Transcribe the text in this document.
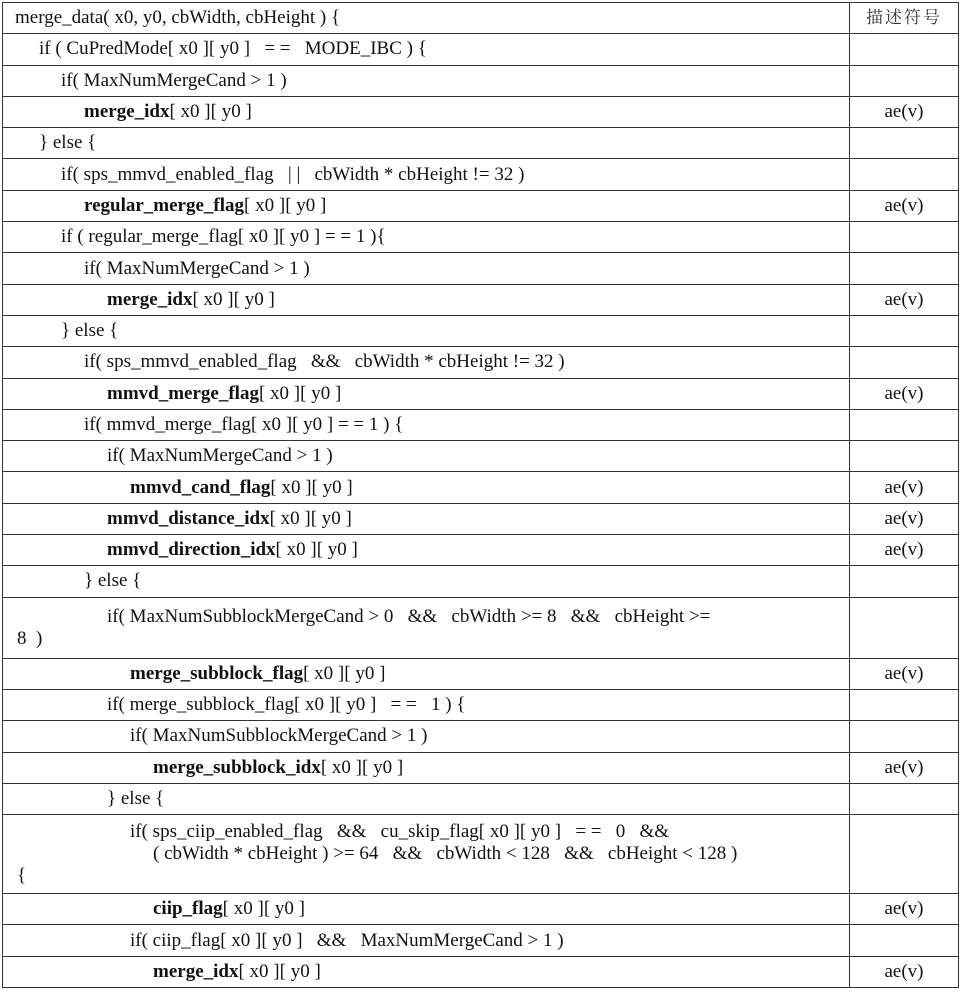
merge_data( x0, y0, cbWidth, cbHeight ) {	描述符号
if ( CuPredMode[ x0 ][ y0 ]   = =   MODE_IBC ) {	
if( MaxNumMergeCand > 1 )	
merge_idx[ x0 ][ y0 ]	ae(v)
} else {	
if( sps_mmvd_enabled_flag   | |   cbWidth * cbHeight != 32 )	
regular_merge_flag[ x0 ][ y0 ]	ae(v)
if ( regular_merge_flag[ x0 ][ y0 ] = = 1 ){	
if( MaxNumMergeCand > 1 )	
merge_idx[ x0 ][ y0 ]	ae(v)
} else {	
if( sps_mmvd_enabled_flag   &&   cbWidth * cbHeight != 32 )	
mmvd_merge_flag[ x0 ][ y0 ]	ae(v)
if( mmvd_merge_flag[ x0 ][ y0 ] = = 1 ) {	
if( MaxNumMergeCand > 1 )	
mmvd_cand_flag[ x0 ][ y0 ]	ae(v)
mmvd_distance_idx[ x0 ][ y0 ]	ae(v)
mmvd_direction_idx[ x0 ][ y0 ]	ae(v)
} else {	
if( MaxNumSubblockMergeCand > 0   &&   cbWidth >= 8   &&   cbHeight >=
8  )	

merge_subblock_flag[ x0 ][ y0 ]	ae(v)
if( merge_subblock_flag[ x0 ][ y0 ]   = =   1 ) {	
if( MaxNumSubblockMergeCand > 1 )	
merge_subblock_idx[ x0 ][ y0 ]	ae(v)
} else {	
if( sps_ciip_enabled_flag   &&   cu_skip_flag[ x0 ][ y0 ]   = =   0   &&
( cbWidth * cbHeight ) >= 64   &&   cbWidth < 128   &&   cbHeight < 128 )
{	

ciip_flag[ x0 ][ y0 ]	ae(v)
if( ciip_flag[ x0 ][ y0 ]   &&   MaxNumMergeCand > 1 )	
merge_idx[ x0 ][ y0 ]	ae(v)
